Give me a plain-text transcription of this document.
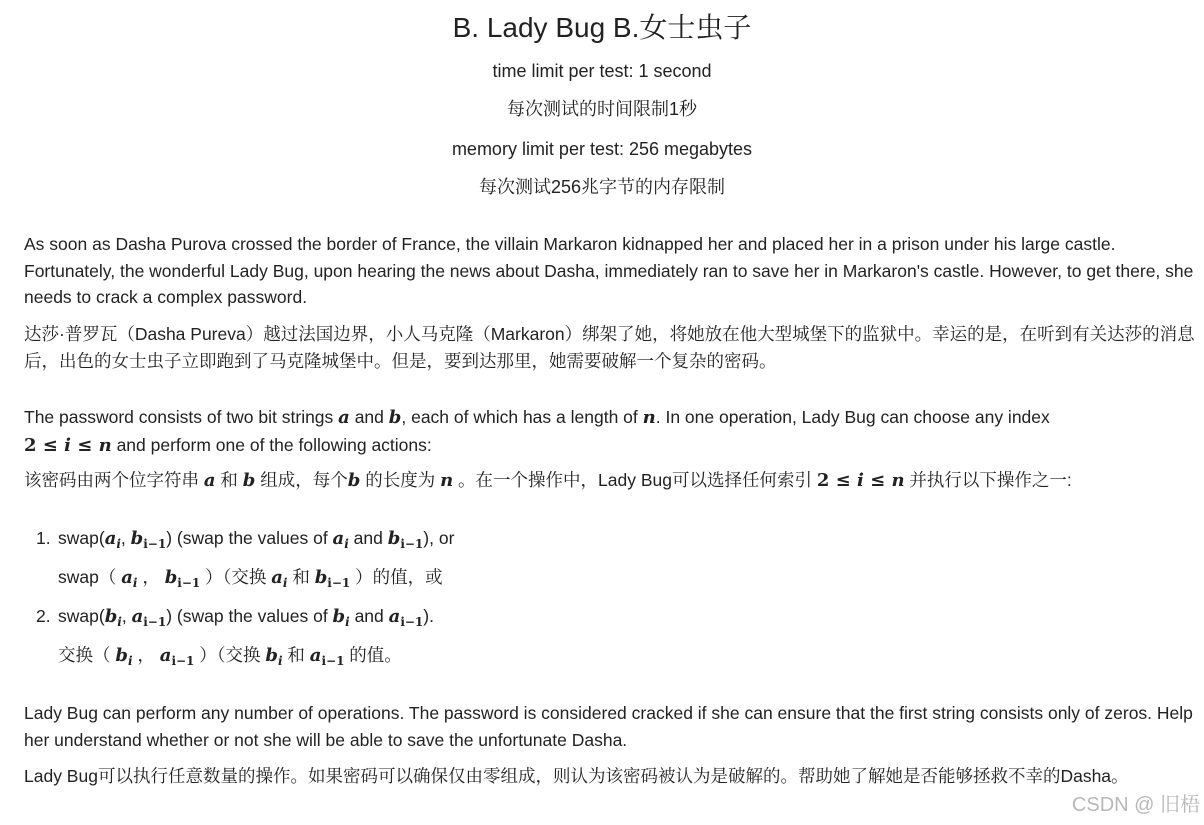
B. Lady Bug B.女士虫子
time limit per test: 1 second
每次测试的时间限制1秒
memory limit per test: 256 megabytes
每次测试256兆字节的内存限制

As soon as Dasha Purova crossed the border of France, the villain Markaron kidnapped her and placed her in a prison under his large castle. Fortunately, the wonderful Lady Bug, upon hearing the news about Dasha, immediately ran to save her in Markaron's castle. However, to get there, she needs to crack a complex password.

达莎·普罗瓦（Dasha Pureva）越过法国边界，小人马克隆（Markaron）绑架了她，将她放在他大型城堡下的监狱中。幸运的是，在听到有关达莎的消息后，出色的女士虫子立即跑到了马克隆城堡中。但是，要到达那里，她需要破解一个复杂的密码。

The password consists of two bit strings a and b, each of which has a length of n. In one operation, Lady Bug can choose any index
2 ≤ i ≤ n and perform one of the following actions:

该密码由两个位字符串 a 和 b 组成，每个b 的长度为 n 。在一个操作中，Lady Bug可以选择任何索引 2 ≤ i ≤ n 并执行以下操作之一:

1. $swap(a_i$, $b_{i-1}$) (swap the values of $a_i$ and $b_{i-1}$), or
swap（ $a_i$ ， $b_{i-1}$ ）（交换 $a_i$ 和 $b_{i-1}$ ）的值，或
2. $swap(b_i$, $a_{i-1}$) (swap the values of $b_i$ and $a_{i-1}$).
交换（ $b_i$ ， $a_{i-1}$ ）（交换 $b_i$ 和 $a_{i-1}$ 的值。

Lady Bug can perform any number of operations. The password is considered cracked if she can ensure that the first string consists only of zeros. Help her understand whether or not she will be able to save the unfortunate Dasha.

Lady Bug可以执行任意数量的操作。如果密码可以确保仅由零组成，则认为该密码被认为是破解的。帮助她了解她是否能够拯救不幸的Dasha。

CSDN @ 旧梧
